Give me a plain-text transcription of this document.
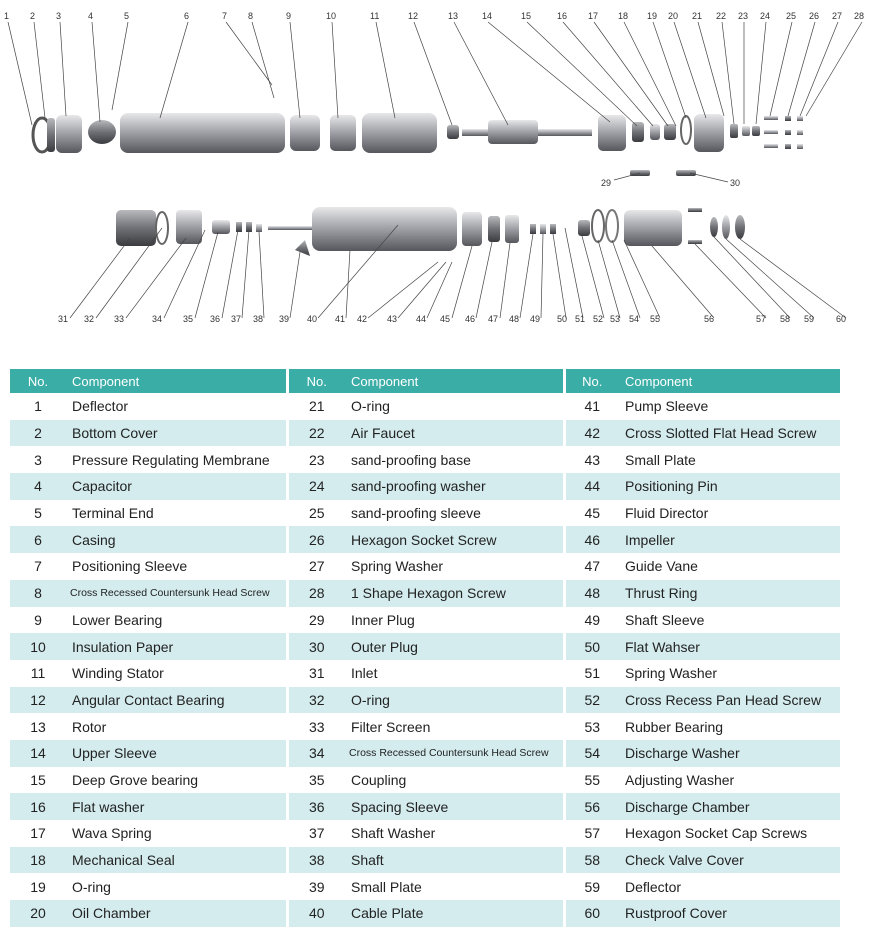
1 2 3	4	5	6	7 8	9	10	11	12	13	14	15	16 17 18 19 20 21 22 23 24 25 26 27 28
29	30
31 32 33	34 35 36 37 38 39 40 41 42 43 44 45 46 47 48 49 50 51 52 53 54 55	56	57 58 59 60
No.	Component	No.	Component	No.	Component
1	Deflector	21	O-ring	41	Pump Sleeve
2	Bottom Cover	22	Air Faucet	42	Cross Slotted Flat Head Screw
3	Pressure Regulating Membrane	23	sand-proofing base	43	Small Plate
4	Capacitor	24	sand-proofing washer	44	Positioning Pin
5	Terminal End	25	sand-proofing sleeve	45	Fluid Director
6	Casing	26	Hexagon Socket Screw	46	Impeller
7	Positioning Sleeve	27	Spring Washer	47	Guide Vane
8	Cross Recessed Countersunk Head Screw	28	1 Shape Hexagon Screw	48	Thrust Ring
9	Lower Bearing	29	Inner Plug	49	Shaft Sleeve
10	Insulation Paper	30	Outer Plug	50	Flat Wahser
11	Winding Stator	31	Inlet	51	Spring Washer
12	Angular Contact Bearing	32	O-ring	52	Cross Recess Pan Head Screw
13	Rotor	33	Filter Screen	53	Rubber Bearing
14	Upper Sleeve	34	Cross Recessed Countersunk Head Screw	54	Discharge Washer
15	Deep Grove bearing	35	Coupling	55	Adjusting Washer
16	Flat washer	36	Spacing Sleeve	56	Discharge Chamber
17	Wava Spring	37	Shaft Washer	57	Hexagon Socket Cap Screws
18	Mechanical Seal	38	Shaft	58	Check Valve Cover
19	O-ring	39	Small Plate	59	Deflector
20	Oil Chamber	40	Cable Plate	60	Rustproof Cover
